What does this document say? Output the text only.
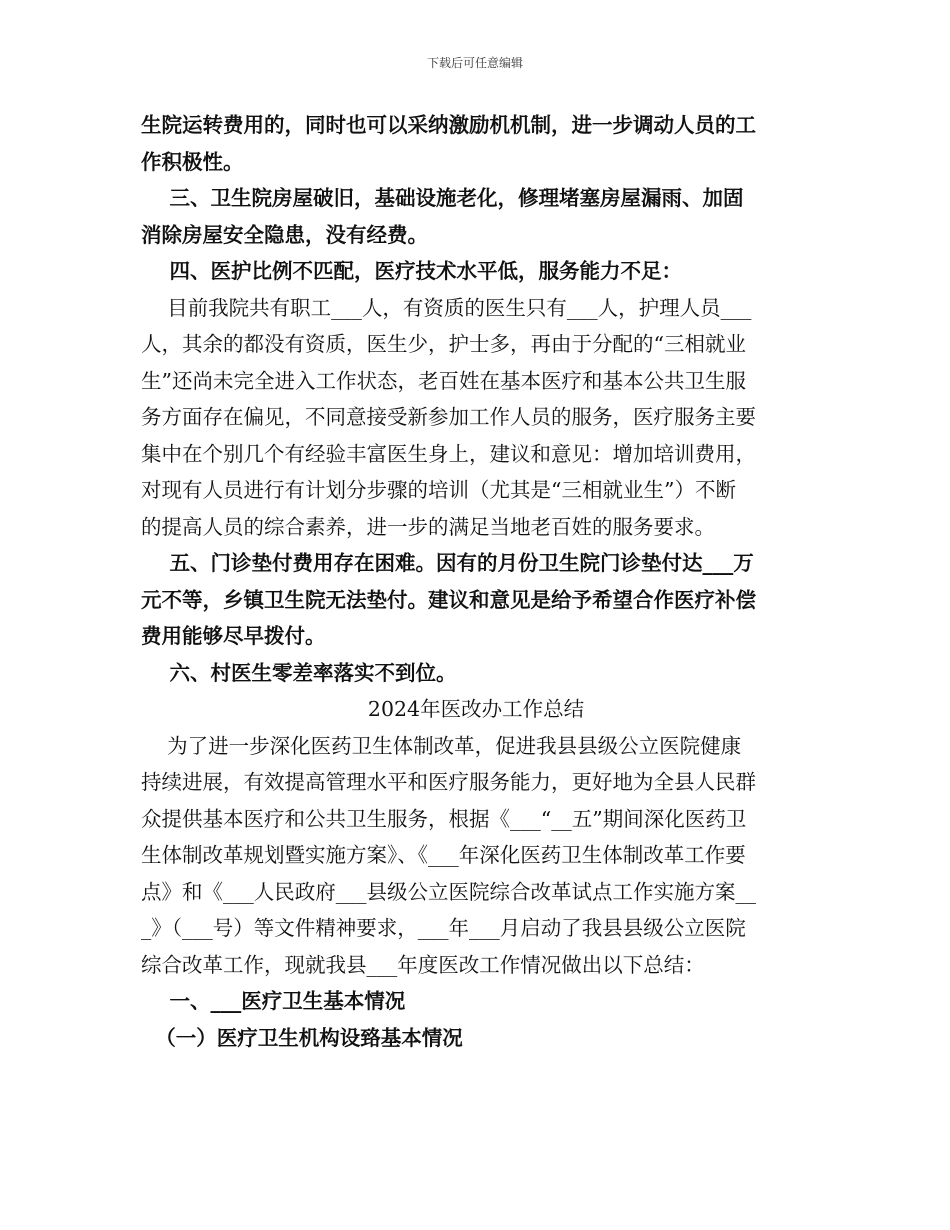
下载后可任意编辑
生院运转费用的，同时也可以采纳激励机机制，进一步调动人员的工
作积极性。
三、卫生院房屋破旧，基础设施老化，修理堵塞房屋漏雨、加固
消除房屋安全隐患，没有经费。
四、医护比例不匹配，医疗技术水平低，服务能力不足：
目前我院共有职工___人，有资质的医生只有___人，护理人员___
人，其余的都没有资质，医生少，护士多，再由于分配的“三相就业
生”还尚未完全进入工作状态，老百姓在基本医疗和基本公共卫生服
务方面存在偏见，不同意接受新参加工作人员的服务，医疗服务主要
集中在个别几个有经验丰富医生身上，建议和意见：增加培训费用，
对现有人员进行有计划分步骤的培训（尤其是“三相就业生”）不断
的提高人员的综合素养，进一步的满足当地老百姓的服务要求。
五、门诊垫付费用存在困难。因有的月份卫生院门诊垫付达___万
元不等，乡镇卫生院无法垫付。建议和意见是给予希望合作医疗补偿
费用能够尽早拨付。
六、村医生零差率落实不到位。
2024年医改办工作总结
为了进一步深化医药卫生体制改革，促进我县县级公立医院健康
持续进展，有效提高管理水平和医疗服务能力，更好地为全县人民群
众提供基本医疗和公共卫生服务，根据《___“__五”期间深化医药卫
生体制改革规划暨实施方案》、《___年深化医药卫生体制改革工作要
点》和《___人民政府___县级公立医院综合改革试点工作实施方案__
_》（___号）等文件精神要求，___年___月启动了我县县级公立医院
综合改革工作，现就我县___年度医改工作情况做出以下总结：
一、___医疗卫生基本情况
（一）医疗卫生机构设臵基本情况
